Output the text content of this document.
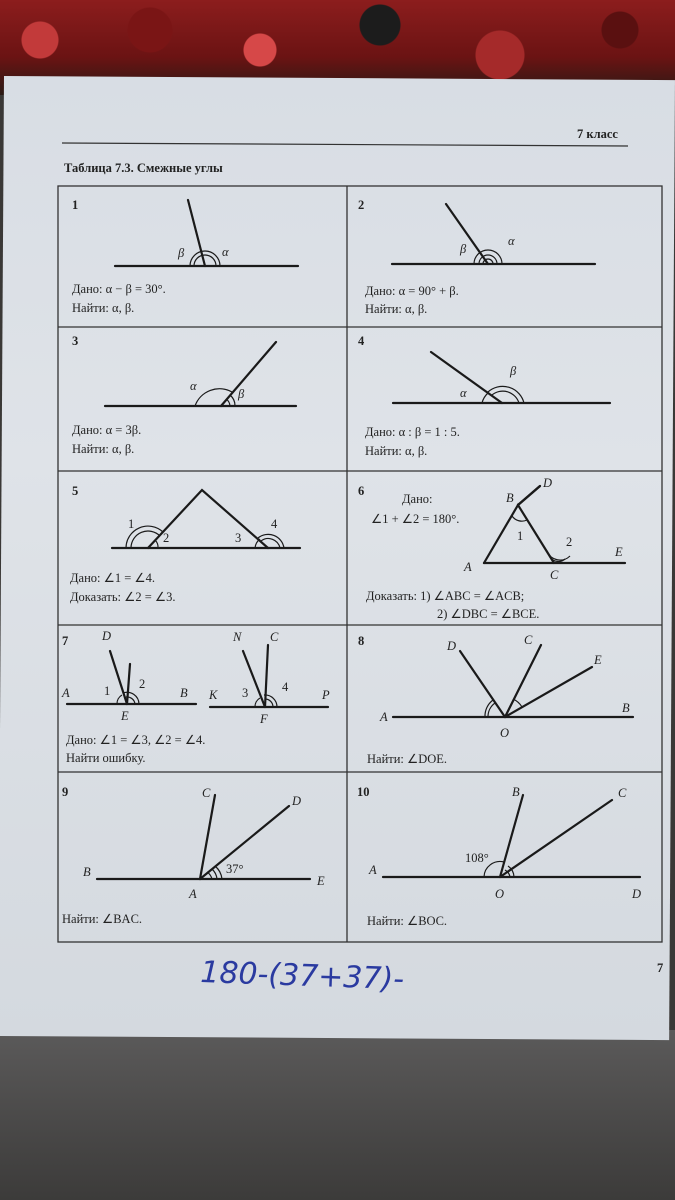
7 класс
Таблица 7.3. Смежные углы
1
β	α
Дано: α − β = 30°.
Найти: α, β.
2
β
α
Дано: α = 90° + β.
Найти: α, β.
3
α
β
Дано: α = 3β.
Найти: α, β.
4
α
β
Дано: α : β = 1 : 5.
Найти: α, β.
5
1
2	3
4
Дано: ∠1 = ∠4.
Доказать: ∠2 = ∠3.
6
Дано:
∠1 + ∠2 = 180°.
B
D
1	2
A
C
E
Доказать: 1) ∠ABC = ∠ACB;
2) ∠DBC = ∠BCE.
7	D
A	1 2
B
E
N C
K 3	4
P
F
Дано: ∠1 = ∠3, ∠2 = ∠4.
Найти ошибку.
8	D	C
E
A
B
O
Найти: ∠DOE.
9	C
D
B	37°
E
A
Найти: ∠BAC.
10	B	C
A
108°
O	D
Найти: ∠BOC.
7
180-(37+37)-
